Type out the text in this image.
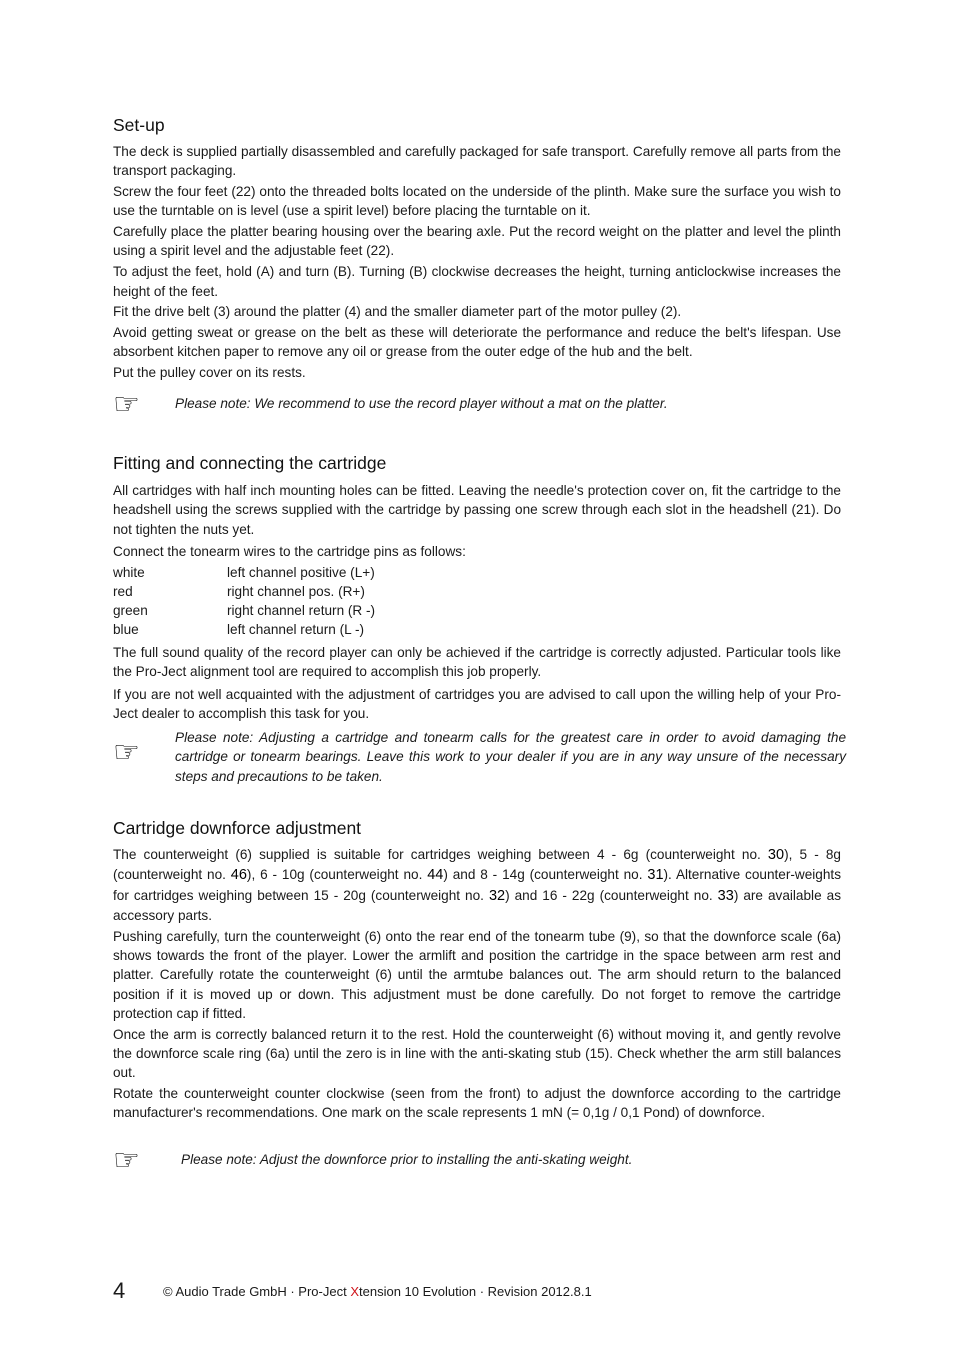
Set-up

The deck is supplied partially disassembled and carefully packaged for safe transport. Carefully remove all parts from the transport packaging.

Screw the four feet (22) onto the threaded bolts located on the underside of the plinth. Make sure the surface you wish to use the turntable on is level (use a spirit level) before placing the turntable on it.

Carefully place the platter bearing housing over the bearing axle. Put the record weight on the platter and level the plinth using a spirit level and the adjustable feet (22).

To adjust the feet, hold (A) and turn (B). Turning (B) clockwise decreases the height, turning anticlockwise increases the height of the feet.

Fit the drive belt (3) around the platter (4) and the smaller diameter part of the motor pulley (2).

Avoid getting sweat or grease on the belt as these will deteriorate the performance and reduce the belt's lifespan. Use absorbent kitchen paper to remove any oil or grease from the outer edge of the hub and the belt.

Put the pulley cover on its rests.

☞	Please note: We recommend to use the record player without a mat on the platter.
Fitting and connecting the cartridge

All cartridges with half inch mounting holes can be fitted. Leaving the needle's protection cover on, fit the cartridge to the headshell using the screws supplied with the cartridge by passing one screw through each slot in the headshell (21). Do not tighten the nuts yet.

Connect the tonearm wires to the cartridge pins as follows:

white	left channel positive (L+)
red	right channel pos. (R+)
green	right channel return (R -)
blue	left channel return (L -)

The full sound quality of the record player can only be achieved if the cartridge is correctly adjusted. Particular tools like the Pro-Ject alignment tool are required to accomplish this job properly.

If you are not well acquainted with the adjustment of cartridges you are advised to call upon the willing help of your Pro-Ject dealer to accomplish this task for you.

☞	Please note: Adjusting a cartridge and tonearm calls for the greatest care in order to avoid damaging the cartridge or tonearm bearings. Leave this work to your dealer if you are in any way unsure of the necessary steps and precautions to be taken.
Cartridge downforce adjustment

The counterweight (6) supplied is suitable for cartridges weighing between 4 - 6g (counterweight no. 30), 5 - 8g (counterweight no. 46), 6 - 10g (counterweight no. 44) and 8 - 14g (counterweight no. 31). Alternative counter-weights for cartridges weighing between 15 - 20g (counterweight no. 32) and 16 - 22g (counterweight no. 33) are available as accessory parts.

Pushing carefully, turn the counterweight (6) onto the rear end of the tonearm tube (9), so that the downforce scale (6a) shows towards the front of the player. Lower the armlift and position the cartridge in the space between arm rest and platter. Carefully rotate the counterweight (6) until the armtube balances out. The arm should return to the balanced position if it is moved up or down. This adjustment must be done carefully. Do not forget to remove the cartridge protection cap if fitted.

Once the arm is correctly balanced return it to the rest. Hold the counterweight (6) without moving it, and gently revolve the downforce scale ring (6a) until the zero is in line with the anti-skating stub (15). Check whether the arm still balances out.

Rotate the counterweight counter clockwise (seen from the front) to adjust the downforce according to the cartridge manufacturer's recommendations. One mark on the scale represents 1 mN (= 0,1g / 0,1 Pond) of downforce.

☞	Please note: Adjust the downforce prior to installing the anti-skating weight.
4	© Audio Trade GmbH · Pro-Ject Xtension 10 Evolution · Revision 2012.8.1
